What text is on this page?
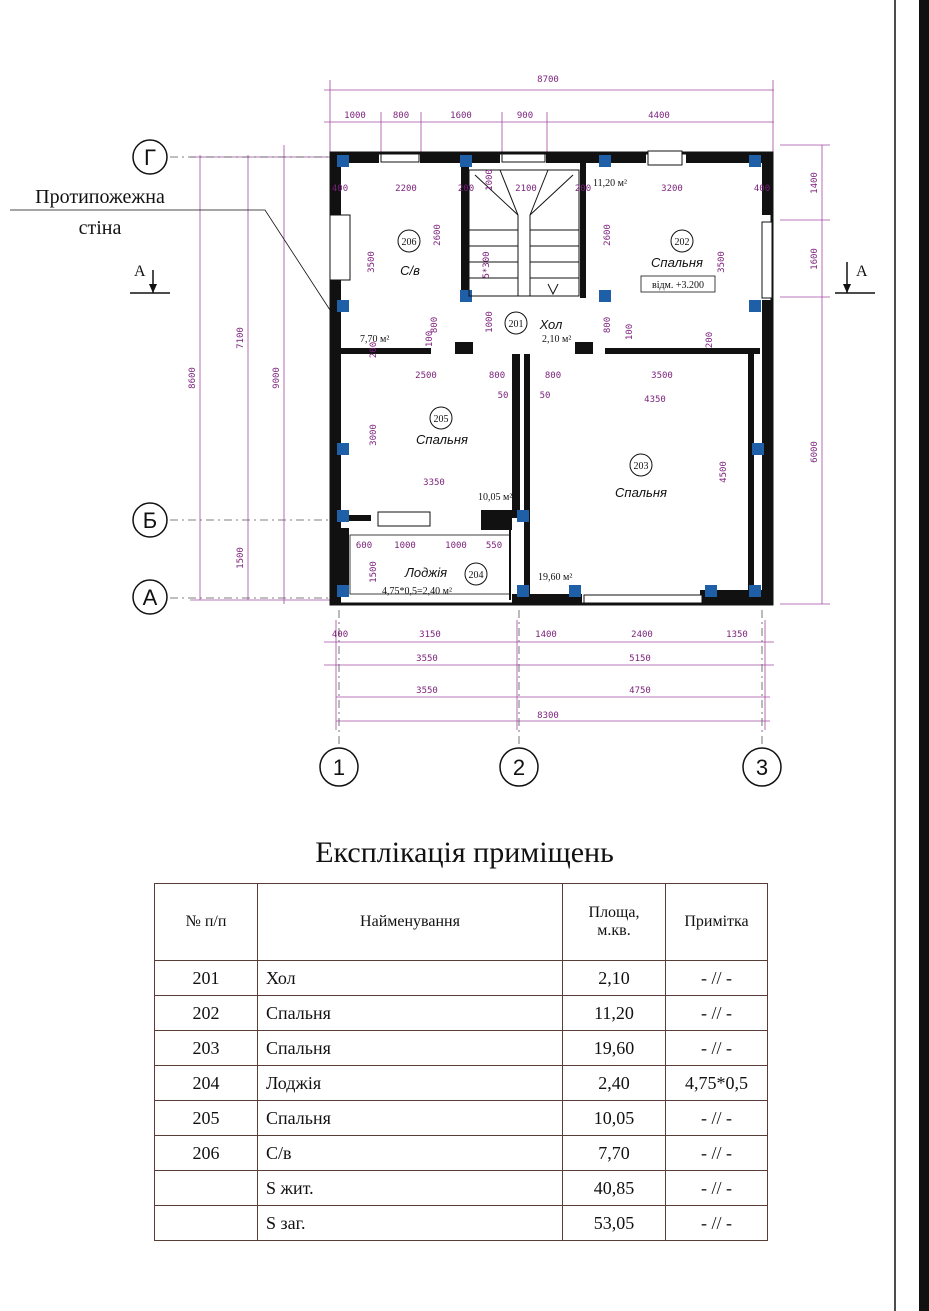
Г
Б
А
1	2	3
Протипожежна
стіна
А	А
206
С/в
7,70 м²
202
Спальня
11,20 м²
відм. +3.200
201 Хол
2,10 м²
203
Спальня
19,60 м²
205
Спальня
10,05 м²
204
Лоджія
4,75*0,5=2,40 м²
5*300
8700
1000	800	1600	900	4400
400	2200	200	2100	200	3200	400
2500	800	800	3500
50	50	4350
100	100
200
200
3350
3500
2600
1000
2600
3500
800
1000
800
3000
4500
1500
8600
7100
9000
1500
1400
1600
6000
600 1000	1000 550
400	3150	1400	2400	1350
3550	5150
3550	4750
8300
Експлікація приміщень
№ п/п	Найменування	Площа, м.кв.	Примітка
201	Хол	2,10	- // -
202	Спальня	11,20	- // -
203	Спальня	19,60	- // -
204	Лоджія	2,40	4,75*0,5
205	Спальня	10,05	- // -
206	С/в	7,70	- // -
	S жит.	40,85	- // -
	S заг.	53,05	- // -
